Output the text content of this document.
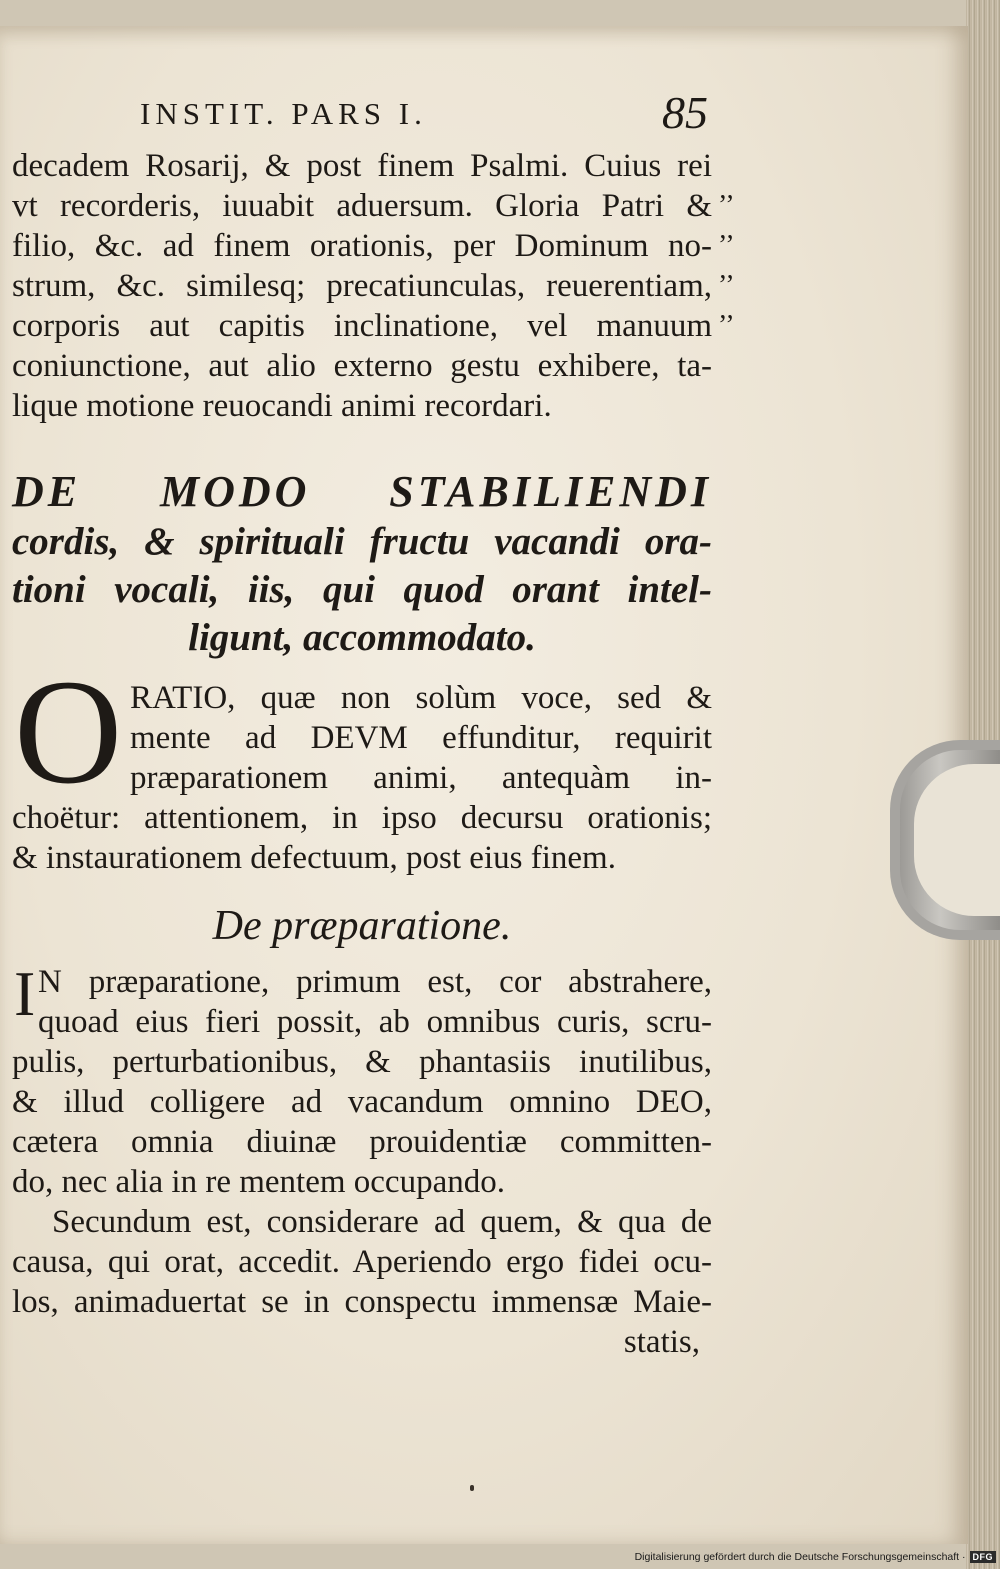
INSTIT. PARS I.	85
decadem Rosarij, & post finem Psalmi. Cuius rei
vt recorderis, iuuabit aduersum. Gloria Patri &
filio, &c. ad finem orationis, per Dominum no-
strum, &c. similesq; precatiunculas, reuerentiam,
corporis aut capitis inclinatione, vel manuum
coniunctione, aut alio externo gestu exhibere, ta-
lique motione reuocandi animi recordari.
DE MODO STABILIENDI
cordis, & spirituali fructu vacandi ora-
tioni vocali, iis, qui quod orant intel-
ligunt, accommodato.
O RATIO, quæ non solùm voce, sed &
mente ad DEVM effunditur, requirit
præparationem animi, antequàm in-
choëtur: attentionem, in ipso decursu orationis;
& instaurationem defectuum, post eius finem.
De præparatione.
I N præparatione, primum est, cor abstrahere,
quoad eius fieri possit, ab omnibus curis, scru-
pulis, perturbationibus, & phantasiis inutilibus,
& illud colligere ad vacandum omnino DEO,
cætera omnia diuinæ prouidentiæ committen-
do, nec alia in re mentem occupando.
Secundum est, considerare ad quem, & qua de
causa, qui orat, accedit. Aperiendo ergo fidei ocu-
los, animaduertat se in conspectu immensæ Maie-
statis,
’’
’’
’’
’’
Digitalisierung gefördert durch die Deutsche Forschungsgemeinschaft · DFG
